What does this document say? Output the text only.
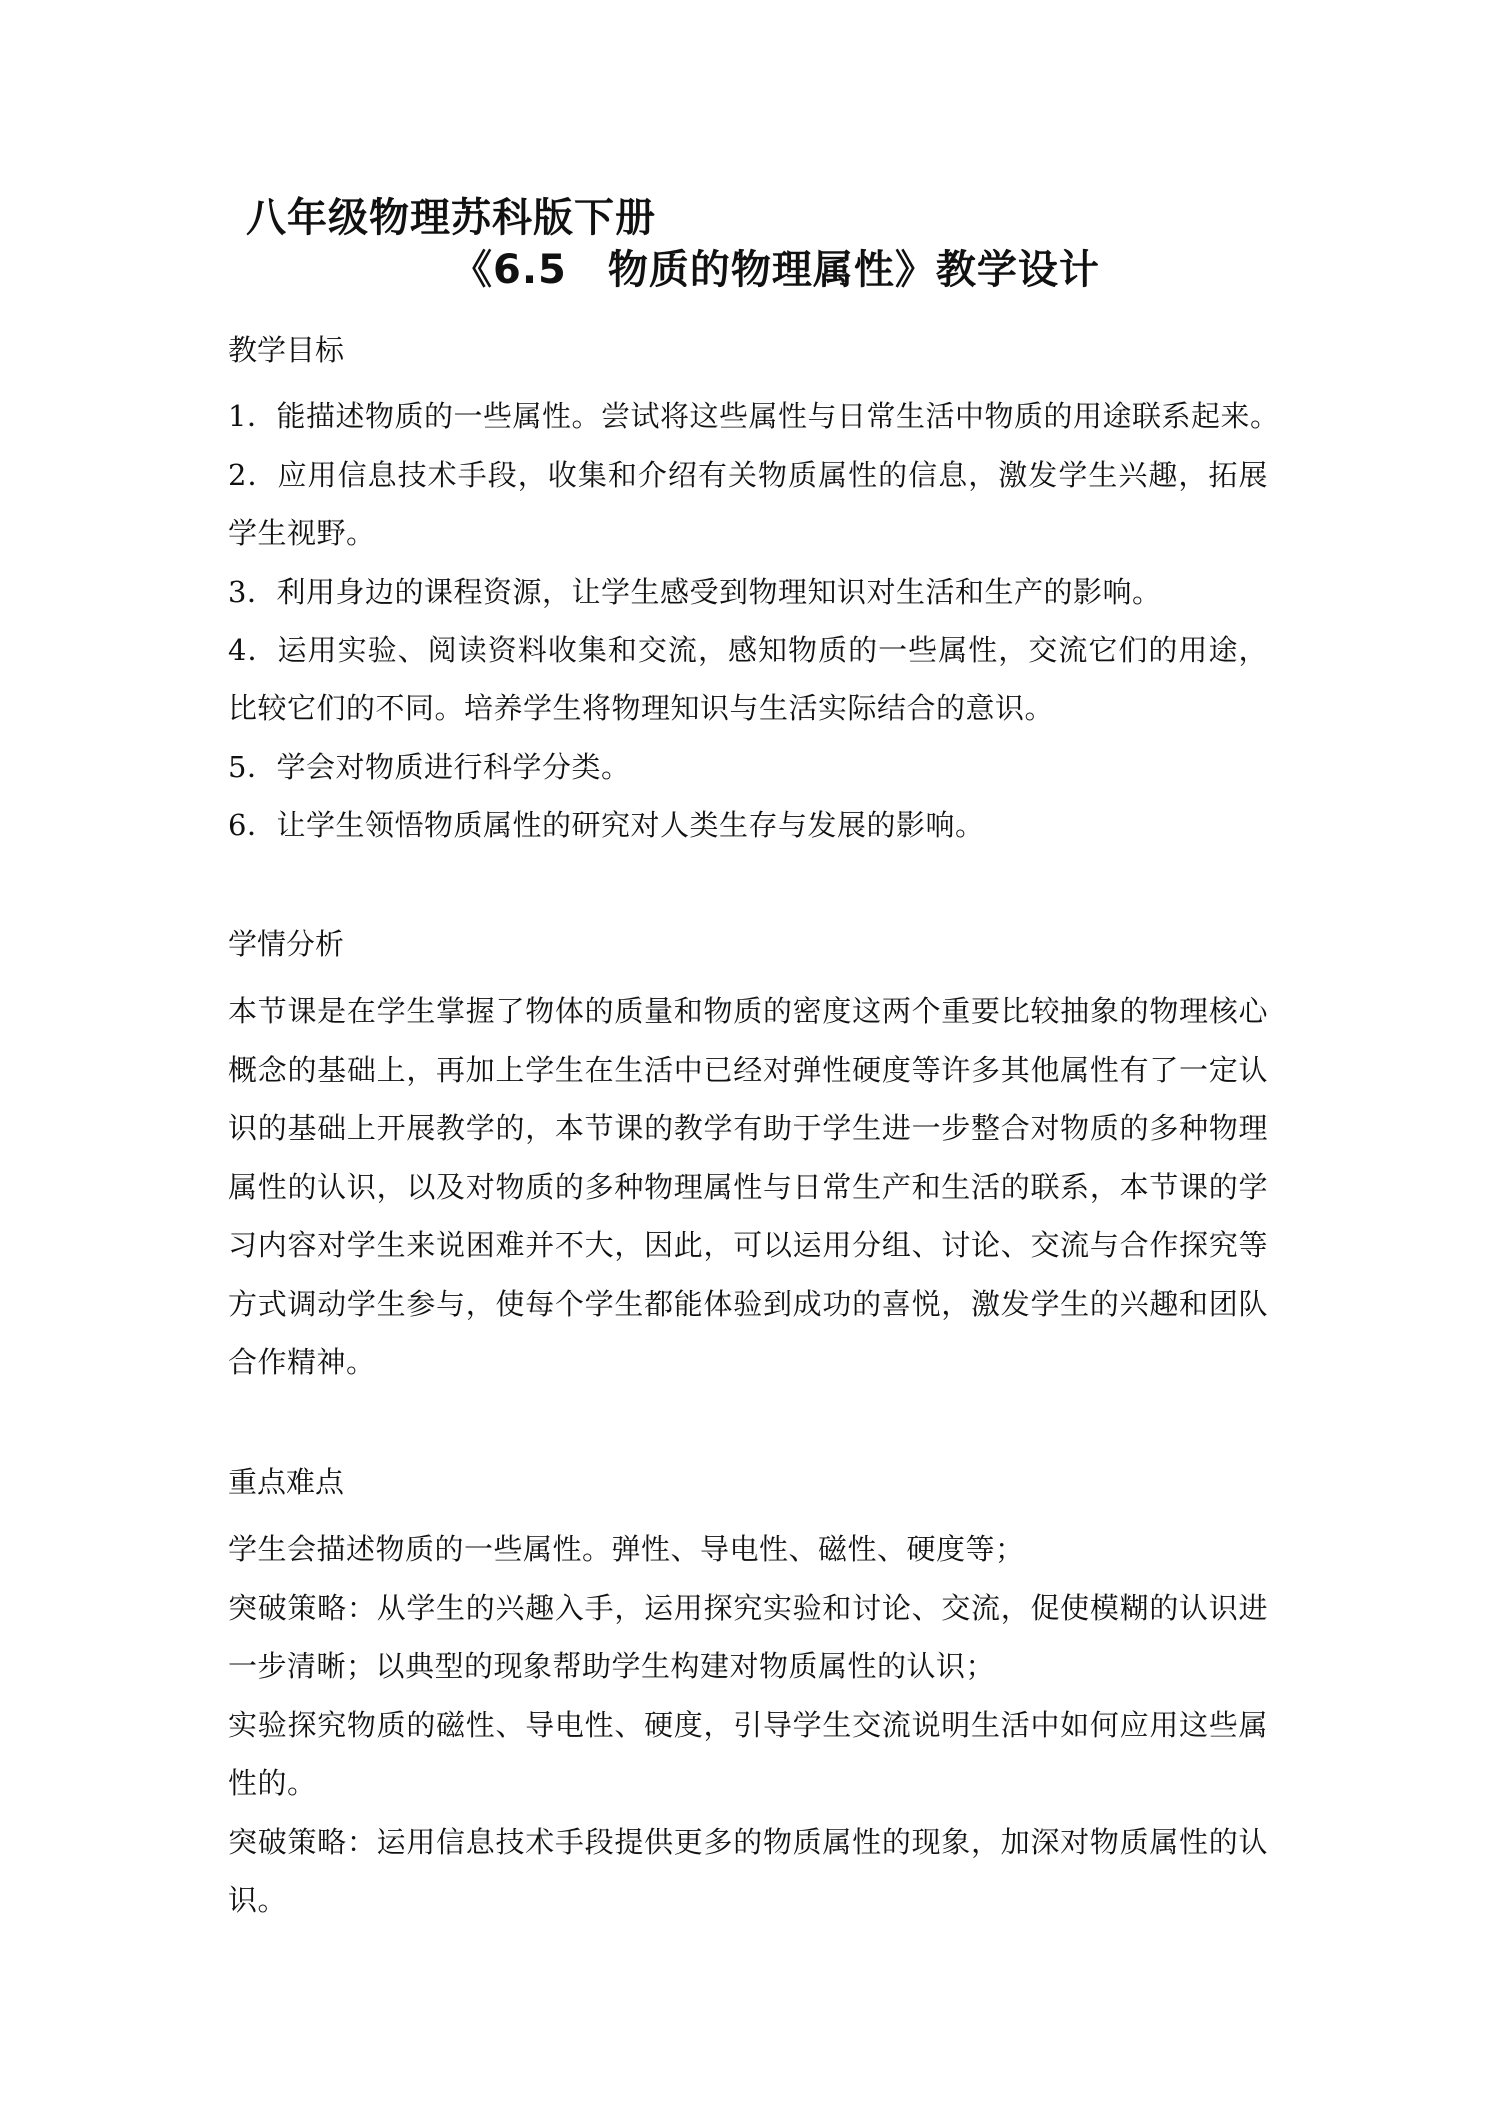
八年级物理苏科版下册
《6.5　物质的物理属性》教学设计
教学目标
1．能描述物质的一些属性。尝试将这些属性与日常生活中物质的用途联系起来。
2．应用信息技术手段，收集和介绍有关物质属性的信息，激发学生兴趣，拓展学生视野。
3．利用身边的课程资源，让学生感受到物理知识对生活和生产的影响。
4．运用实验、阅读资料收集和交流，感知物质的一些属性，交流它们的用途，比较它们的不同。培养学生将物理知识与生活实际结合的意识。
5．学会对物质进行科学分类。
6．让学生领悟物质属性的研究对人类生存与发展的影响。
学情分析
本节课是在学生掌握了物体的质量和物质的密度这两个重要比较抽象的物理核心概念的基础上，再加上学生在生活中已经对弹性硬度等许多其他属性有了一定认识的基础上开展教学的，本节课的教学有助于学生进一步整合对物质的多种物理属性的认识，以及对物质的多种物理属性与日常生产和生活的联系，本节课的学习内容对学生来说困难并不大，因此，可以运用分组、讨论、交流与合作探究等方式调动学生参与，使每个学生都能体验到成功的喜悦，激发学生的兴趣和团队合作精神。
重点难点
学生会描述物质的一些属性。弹性、导电性、磁性、硬度等；
突破策略：从学生的兴趣入手，运用探究实验和讨论、交流，促使模糊的认识进一步清晰；以典型的现象帮助学生构建对物质属性的认识；
实验探究物质的磁性、导电性、硬度，引导学生交流说明生活中如何应用这些属性的。
突破策略：运用信息技术手段提供更多的物质属性的现象，加深对物质属性的认识。
